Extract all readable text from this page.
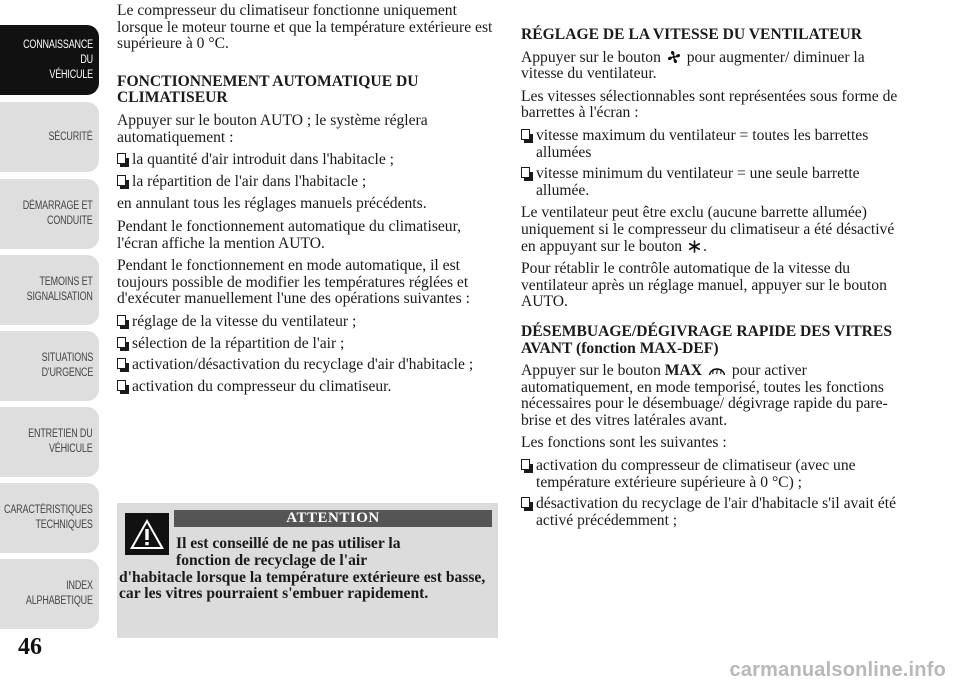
CONNAISSANCE DU
VÉHICULE
SÉCURITÉ
DÉMARRAGE ET
CONDUITE
TEMOINS ET
SIGNALISATION
SITUATIONS
D'URGENCE
ENTRETIEN DU
VÉHICULE
CARACTÉRISTIQUES
TECHNIQUES
INDEX
ALPHABETIQUE
46

Le compresseur du climatiseur fonctionne uniquement lorsque le moteur tourne et que la température extérieure est supérieure à 0 °C.

FONCTIONNEMENT AUTOMATIQUE DU CLIMATISEUR

Appuyer sur le bouton AUTO ; le système réglera automatiquement :

la quantité d'air introduit dans l'habitacle ;
la répartition de l'air dans l'habitacle ;

en annulant tous les réglages manuels précédents.

Pendant le fonctionnement automatique du climatiseur, l'écran affiche la mention AUTO.

Pendant le fonctionnement en mode automatique, il est toujours possible de modifier les températures réglées et d'exécuter manuellement l'une des opérations suivantes :

réglage de la vitesse du ventilateur ;
sélection de la répartition de l'air ;
activation/désactivation du recyclage d'air d'habitacle ;
activation du compresseur du climatiseur.
ATTENTION
Il est conseillé de ne pas utiliser la
fonction de recyclage de l'air
d'habitacle lorsque la température extérieure est basse, car les vitres pourraient s'embuer rapidement.
RÉGLAGE DE LA VITESSE DU VENTILATEUR

Appuyer sur le bouton pour augmenter/ diminuer la vitesse du ventilateur.

Les vitesses sélectionnables sont représentées sous forme de barrettes à l'écran :

vitesse maximum du ventilateur = toutes les barrettes allumées
vitesse minimum du ventilateur = une seule barrette allumée.

Le ventilateur peut être exclu (aucune barrette allumée) uniquement si le compresseur du climatiseur a été désactivé en appuyant sur le bouton .

Pour rétablir le contrôle automatique de la vitesse du ventilateur après un réglage manuel, appuyer sur le bouton AUTO.

DÉSEMBUAGE/DÉGIVRAGE RAPIDE DES VITRES AVANT (fonction MAX-DEF)

Appuyer sur le bouton MAX pour activer automatiquement, en mode temporisé, toutes les fonctions nécessaires pour le désembuage/ dégivrage rapide du pare-brise et des vitres latérales avant.

Les fonctions sont les suivantes :

activation du compresseur de climatiseur (avec une température extérieure supérieure à 0 °C) ;
désactivation du recyclage de l'air d'habitacle s'il avait été activé précédemment ;
carmanualsonline.info
